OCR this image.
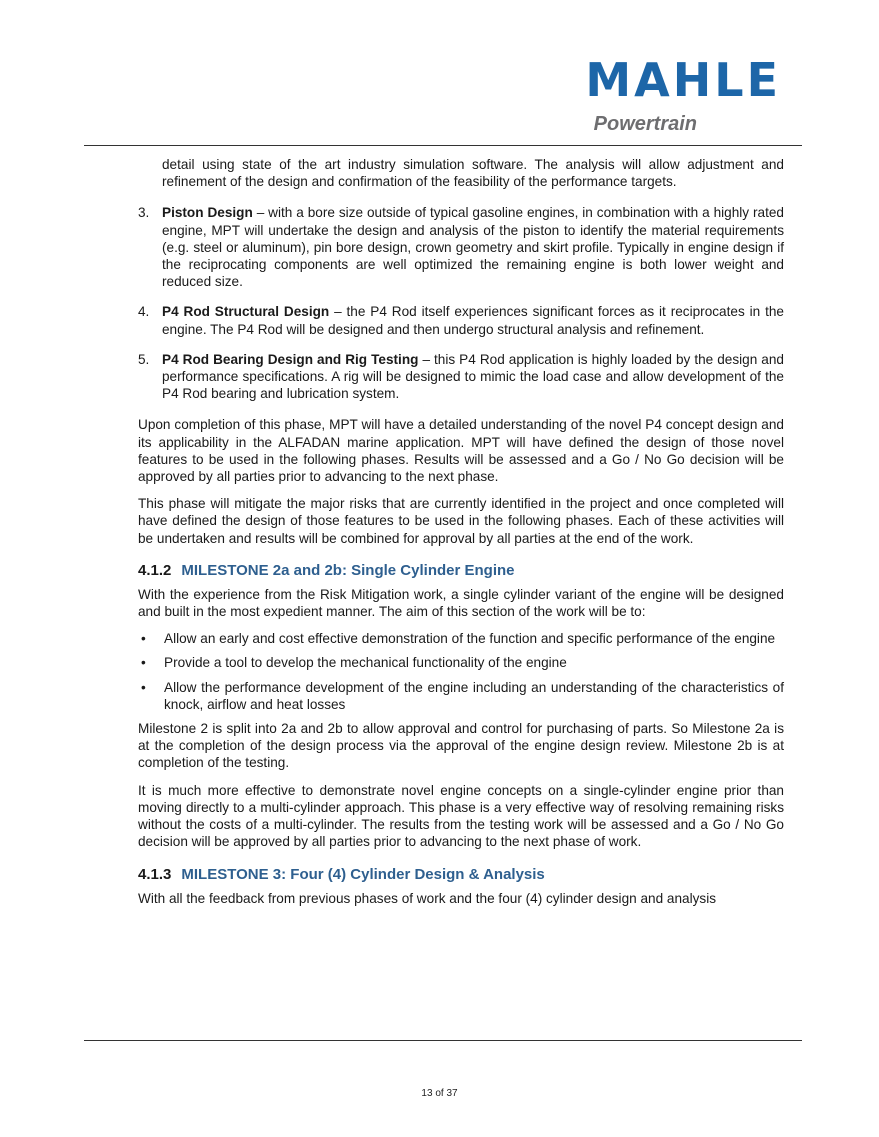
MAHLE
Powertrain

detail using state of the art industry simulation software. The analysis will allow adjustment and refinement of the design and confirmation of the feasibility of the performance targets.

3. Piston Design – with a bore size outside of typical gasoline engines, in combination with a highly rated engine, MPT will undertake the design and analysis of the piston to identify the material requirements (e.g. steel or aluminum), pin bore design, crown geometry and skirt profile. Typically in engine design if the reciprocating components are well optimized the remaining engine is both lower weight and reduced size.
4. P4 Rod Structural Design – the P4 Rod itself experiences significant forces as it reciprocates in the engine. The P4 Rod will be designed and then undergo structural analysis and refinement.
5. P4 Rod Bearing Design and Rig Testing – this P4 Rod application is highly loaded by the design and performance specifications. A rig will be designed to mimic the load case and allow development of the P4 Rod bearing and lubrication system.

Upon completion of this phase, MPT will have a detailed understanding of the novel P4 concept design and its applicability in the ALFADAN marine application. MPT will have defined the design of those novel features to be used in the following phases. Results will be assessed and a Go / No Go decision will be approved by all parties prior to advancing to the next phase.

This phase will mitigate the major risks that are currently identified in the project and once completed will have defined the design of those features to be used in the following phases. Each of these activities will be undertaken and results will be combined for approval by all parties at the end of the work.

4.1.2 MILESTONE 2a and 2b: Single Cylinder Engine

With the experience from the Risk Mitigation work, a single cylinder variant of the engine will be designed and built in the most expedient manner. The aim of this section of the work will be to:

• Allow an early and cost effective demonstration of the function and specific performance of the engine
• Provide a tool to develop the mechanical functionality of the engine
• Allow the performance development of the engine including an understanding of the characteristics of knock, airflow and heat losses

Milestone 2 is split into 2a and 2b to allow approval and control for purchasing of parts. So Milestone 2a is at the completion of the design process via the approval of the engine design review. Milestone 2b is at completion of the testing.

It is much more effective to demonstrate novel engine concepts on a single-cylinder engine prior than moving directly to a multi-cylinder approach. This phase is a very effective way of resolving remaining risks without the costs of a multi-cylinder. The results from the testing work will be assessed and a Go / No Go decision will be approved by all parties prior to advancing to the next phase of work.

4.1.3 MILESTONE 3: Four (4) Cylinder Design & Analysis

With all the feedback from previous phases of work and the four (4) cylinder design and analysis

13 of 37
